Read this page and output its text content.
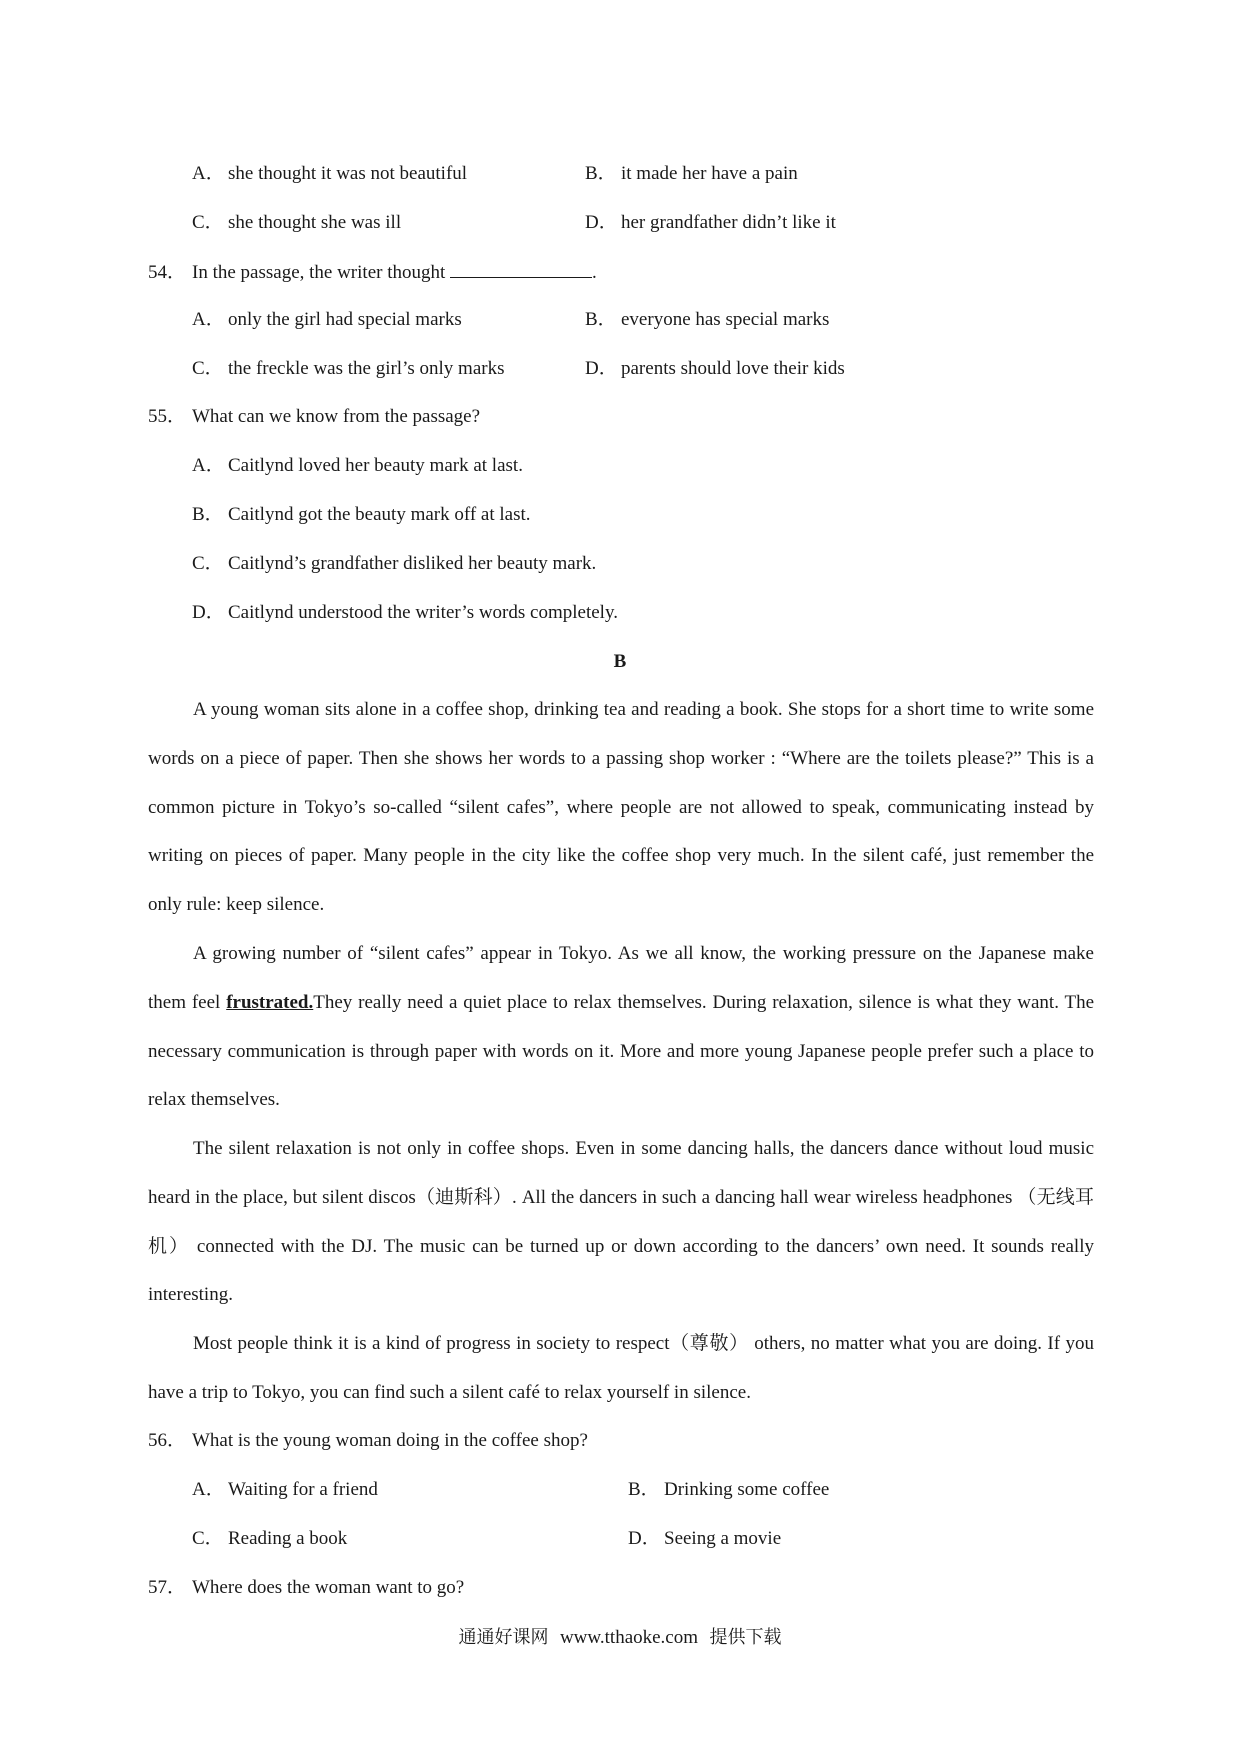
A． she thought it was not beautiful	B． it made her have a pain
C． she thought she was ill	D． her grandfather didn’t like it
54． In the passage, the writer thought	.
A． only the girl had special marks	B． everyone has special marks
C． the freckle was the girl’s only marks	D． parents should love their kids
55． What can we know from the passage?
A． Caitlynd loved her beauty mark at last.
B． Caitlynd got the beauty mark off at last.
C． Caitlynd’s grandfather disliked her beauty mark.
D． Caitlynd understood the writer’s words completely.
B

A young woman sits alone in a coffee shop, drinking tea and reading a book. She stops for a short time to write some words on a piece of paper. Then she shows her words to a passing shop worker : “Where are the toilets please?” This is a common picture in Tokyo’s so-called “silent cafes”, where people are not allowed to speak, communicating instead by writing on pieces of paper. Many people in the city like the coffee shop very much. In the silent café, just remember the only rule: keep silence.

A growing number of “silent cafes” appear in Tokyo. As we all know, the working pressure on the Japanese make them feel frustrated.They really need a quiet place to relax themselves. During relaxation, silence is what they want. The necessary communication is through paper with words on it. More and more young Japanese people prefer such a place to relax themselves.

The silent relaxation is not only in coffee shops. Even in some dancing halls, the dancers dance without loud music heard in the place, but silent discos（迪斯科）. All the dancers in such a dancing hall wear wireless headphones （无线耳机） connected with the DJ. The music can be turned up or down according to the dancers’ own need. It sounds really interesting.

Most people think it is a kind of progress in society to respect（尊敬） others, no matter what you are doing. If you have a trip to Tokyo, you can find such a silent café to relax yourself in silence.

56． What is the young woman doing in the coffee shop?
A． Waiting for a friend	B． Drinking some coffee
C． Reading a book	D． Seeing a movie
57． Where does the woman want to go?
通通好课网 www.tthaoke.com 提供下载
